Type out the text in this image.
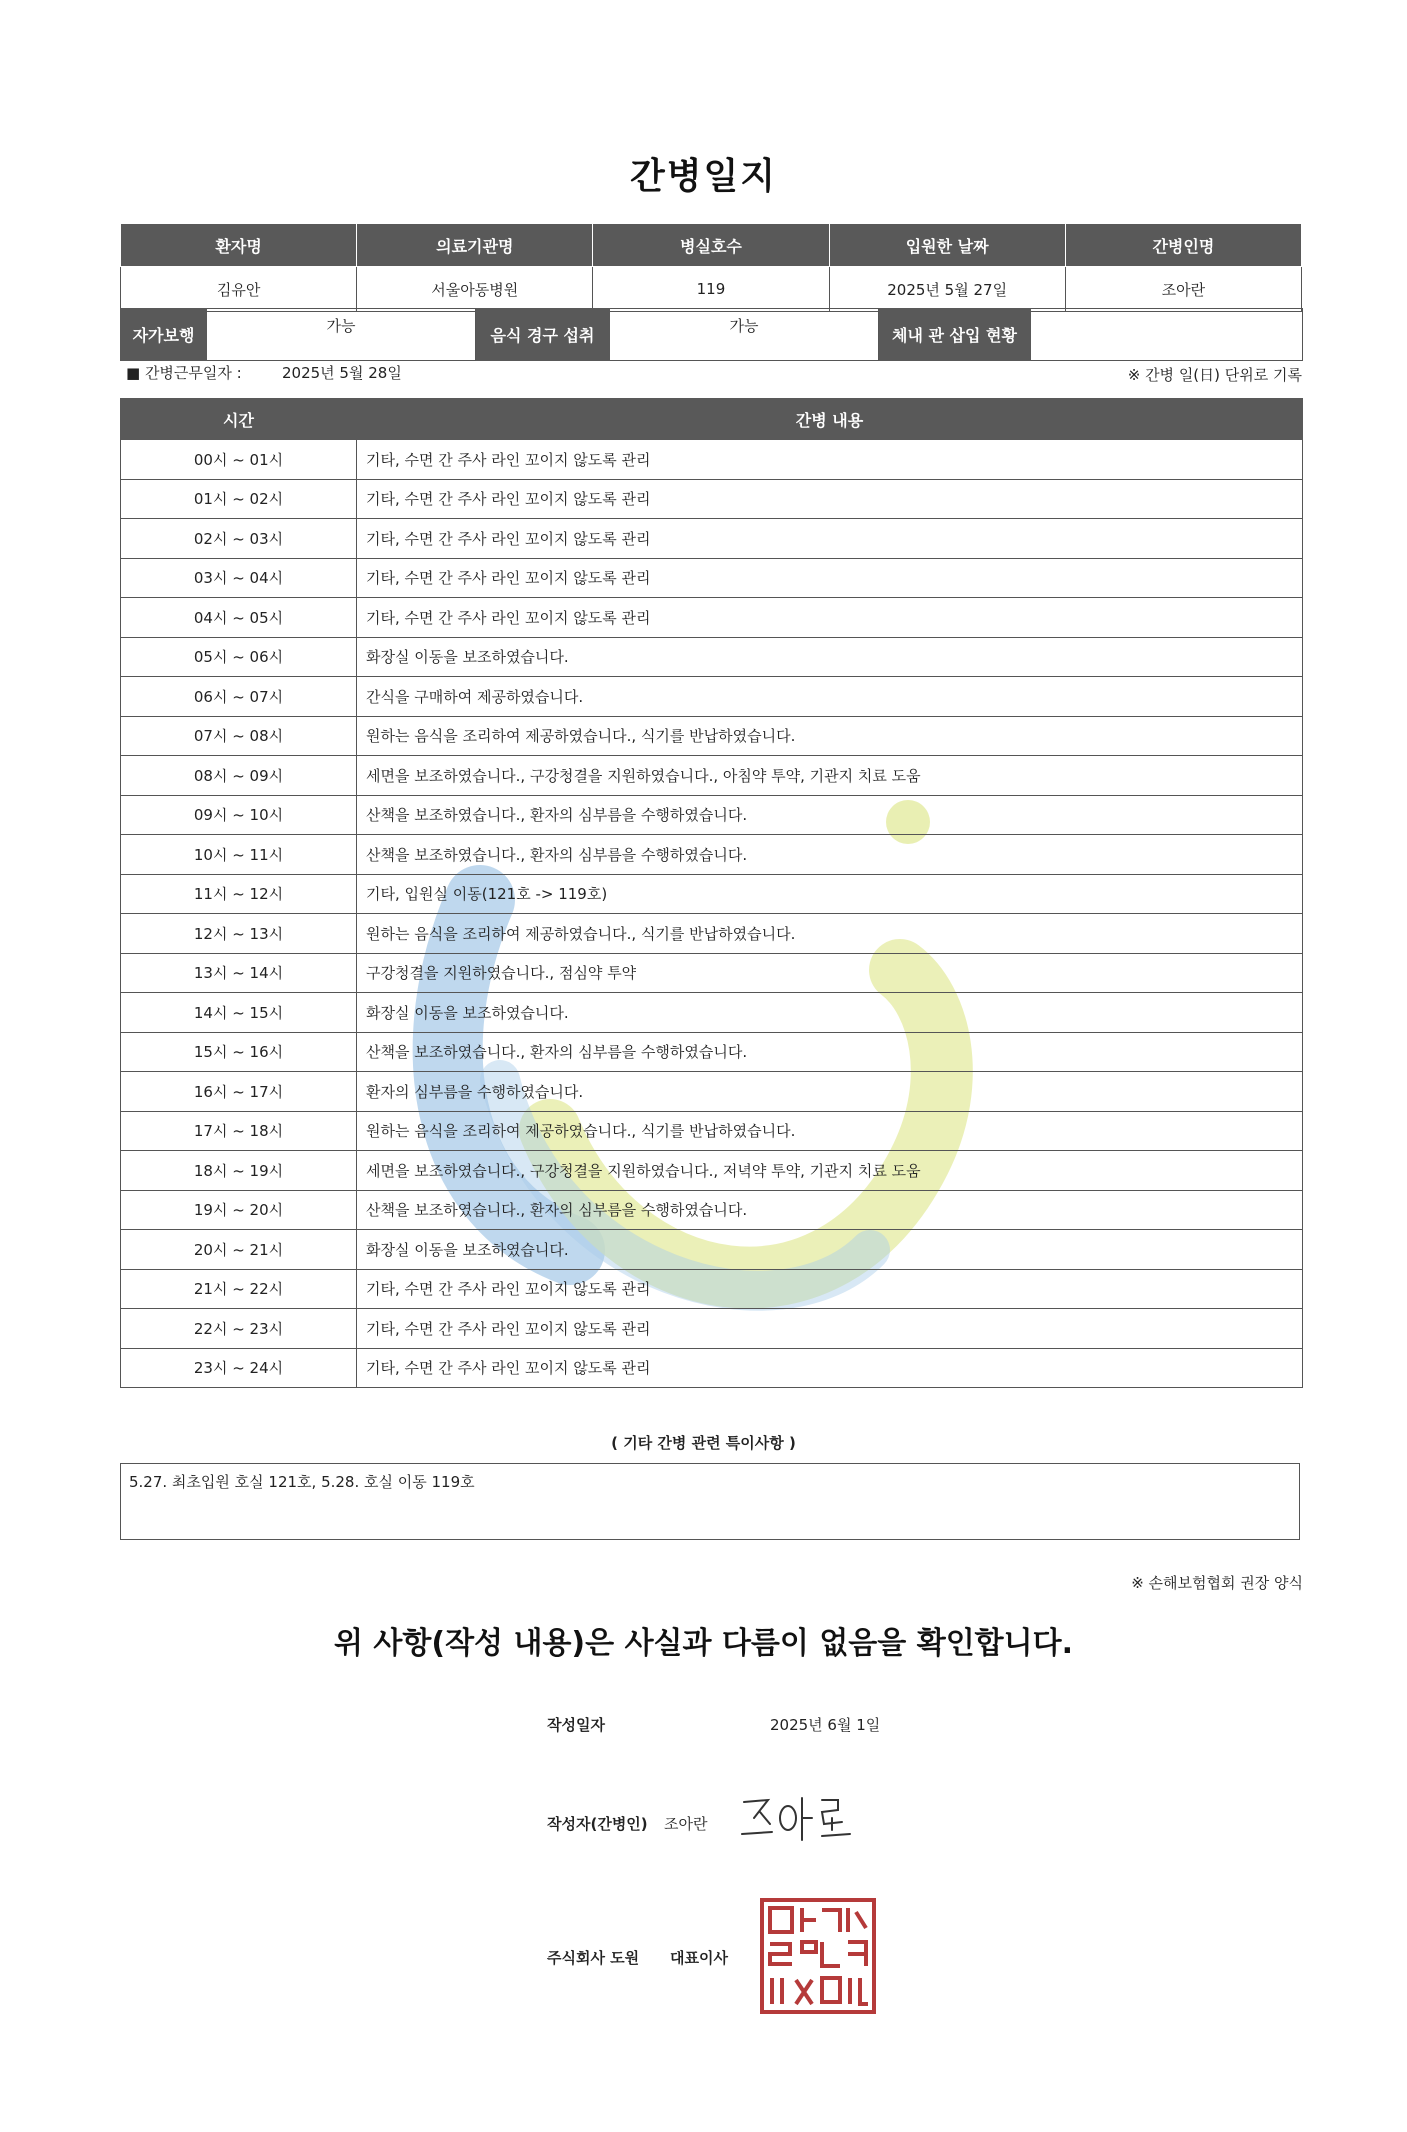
간병일지
환자명	의료기관명	병실호수	입원한 날짜	간병인명
김유안	서울아동병원	119	2025년 5월 27일	조아란
자가보행	가능	음식 경구 섭취	가능	체내 관 삽입 현황	
■ 간병근무일자 :	2025년 5월 28일	※ 간병 일(日) 단위로 기록
시간	간병 내용
00시 ~ 01시	기타, 수면 간 주사 라인 꼬이지 않도록 관리
01시 ~ 02시	기타, 수면 간 주사 라인 꼬이지 않도록 관리
02시 ~ 03시	기타, 수면 간 주사 라인 꼬이지 않도록 관리
03시 ~ 04시	기타, 수면 간 주사 라인 꼬이지 않도록 관리
04시 ~ 05시	기타, 수면 간 주사 라인 꼬이지 않도록 관리
05시 ~ 06시	화장실 이동을 보조하였습니다.
06시 ~ 07시	간식을 구매하여 제공하였습니다.
07시 ~ 08시	원하는 음식을 조리하여 제공하였습니다., 식기를 반납하였습니다.
08시 ~ 09시	세면을 보조하였습니다., 구강청결을 지원하였습니다., 아침약 투약, 기관지 치료 도움
09시 ~ 10시	산책을 보조하였습니다., 환자의 심부름을 수행하였습니다.
10시 ~ 11시	산책을 보조하였습니다., 환자의 심부름을 수행하였습니다.
11시 ~ 12시	기타, 입원실 이동(121호 -> 119호)
12시 ~ 13시	원하는 음식을 조리하여 제공하였습니다., 식기를 반납하였습니다.
13시 ~ 14시	구강청결을 지원하였습니다., 점심약 투약
14시 ~ 15시	화장실 이동을 보조하였습니다.
15시 ~ 16시	산책을 보조하였습니다., 환자의 심부름을 수행하였습니다.
16시 ~ 17시	환자의 심부름을 수행하였습니다.
17시 ~ 18시	원하는 음식을 조리하여 제공하였습니다., 식기를 반납하였습니다.
18시 ~ 19시	세면을 보조하였습니다., 구강청결을 지원하였습니다., 저녁약 투약, 기관지 치료 도움
19시 ~ 20시	산책을 보조하였습니다., 환자의 심부름을 수행하였습니다.
20시 ~ 21시	화장실 이동을 보조하였습니다.
21시 ~ 22시	기타, 수면 간 주사 라인 꼬이지 않도록 관리
22시 ~ 23시	기타, 수면 간 주사 라인 꼬이지 않도록 관리
23시 ~ 24시	기타, 수면 간 주사 라인 꼬이지 않도록 관리
( 기타 간병 관련 특이사항 )
5.27. 최초입원 호실 121호, 5.28. 호실 이동 119호
※ 손해보험협회 권장 양식
위 사항(작성 내용)은 사실과 다름이 없음을 확인합니다.
작성일자	2025년 6월 1일
작성자(간병인) 조아란
주식회사 도원 대표이사
